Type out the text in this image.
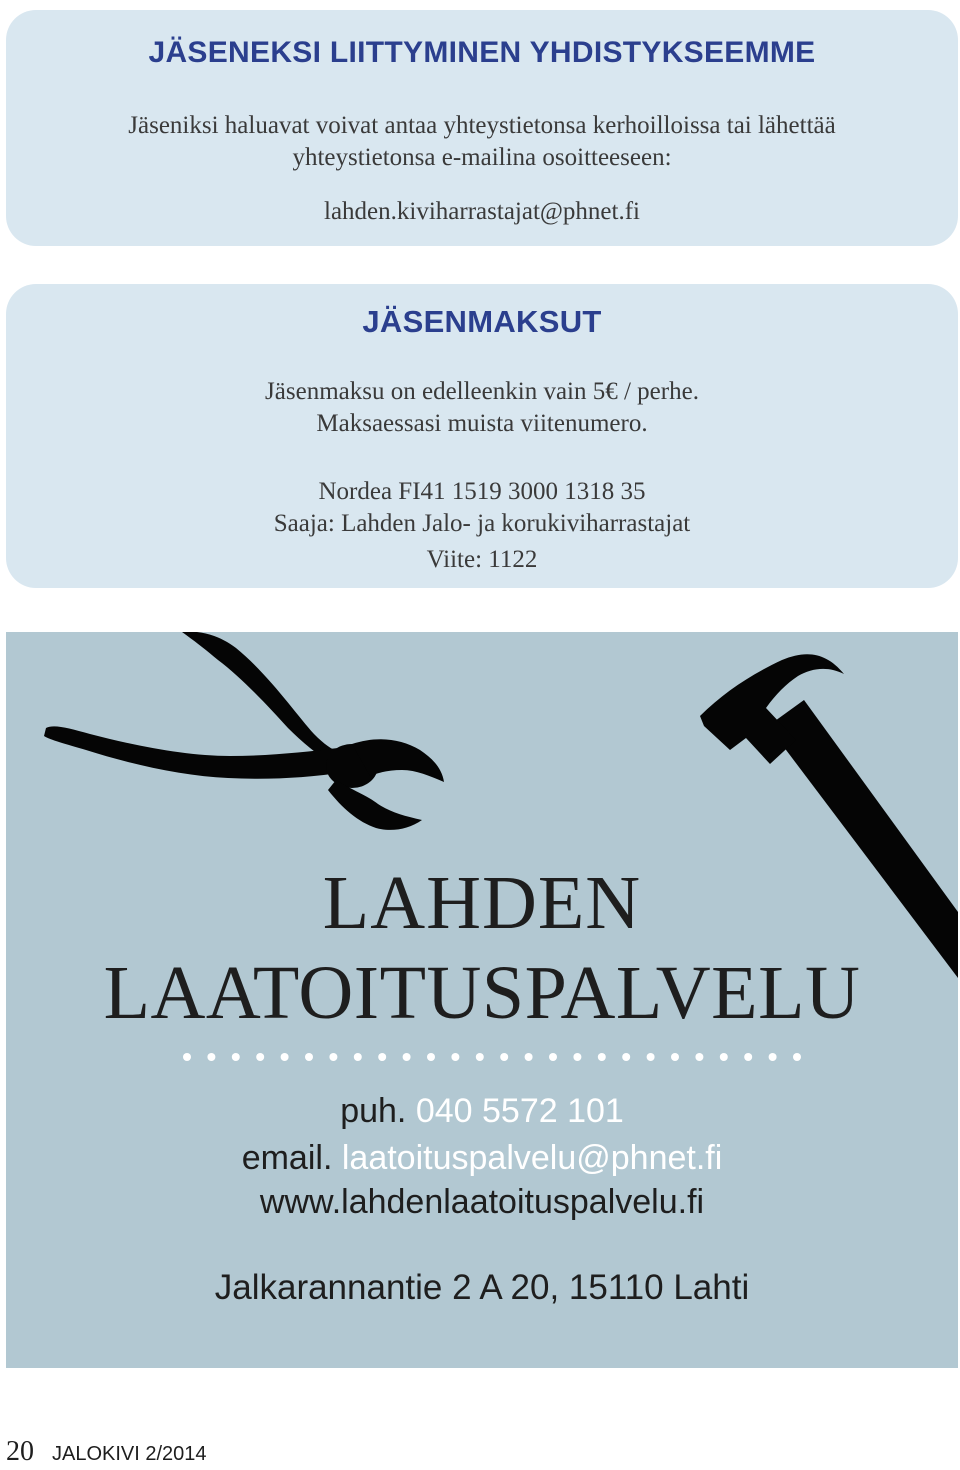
JÄSENEKSI LIITTYMINEN YHDISTYKSEEMME
Jäseniksi haluavat voivat antaa yhteystietonsa kerhoilloissa tai lähettää
yhteystietonsa e-mailina osoitteeseen:
lahden.kiviharrastajat@phnet.fi
JÄSENMAKSUT
Jäsenmaksu on edelleenkin vain 5€ / perhe.
Maksaessasi muista viitenumero.
Nordea FI41 1519 3000 1318 35
Saaja: Lahden Jalo- ja korukiviharrastajat
Viite: 1122
LAHDEN
LAATOITUSPALVELU
puh. 040 5572 101
email. laatoituspalvelu@phnet.fi
www.lahdenlaatoituspalvelu.fi
Jalkarannantie 2 A 20, 15110 Lahti
20 JALOKIVI 2/2014
